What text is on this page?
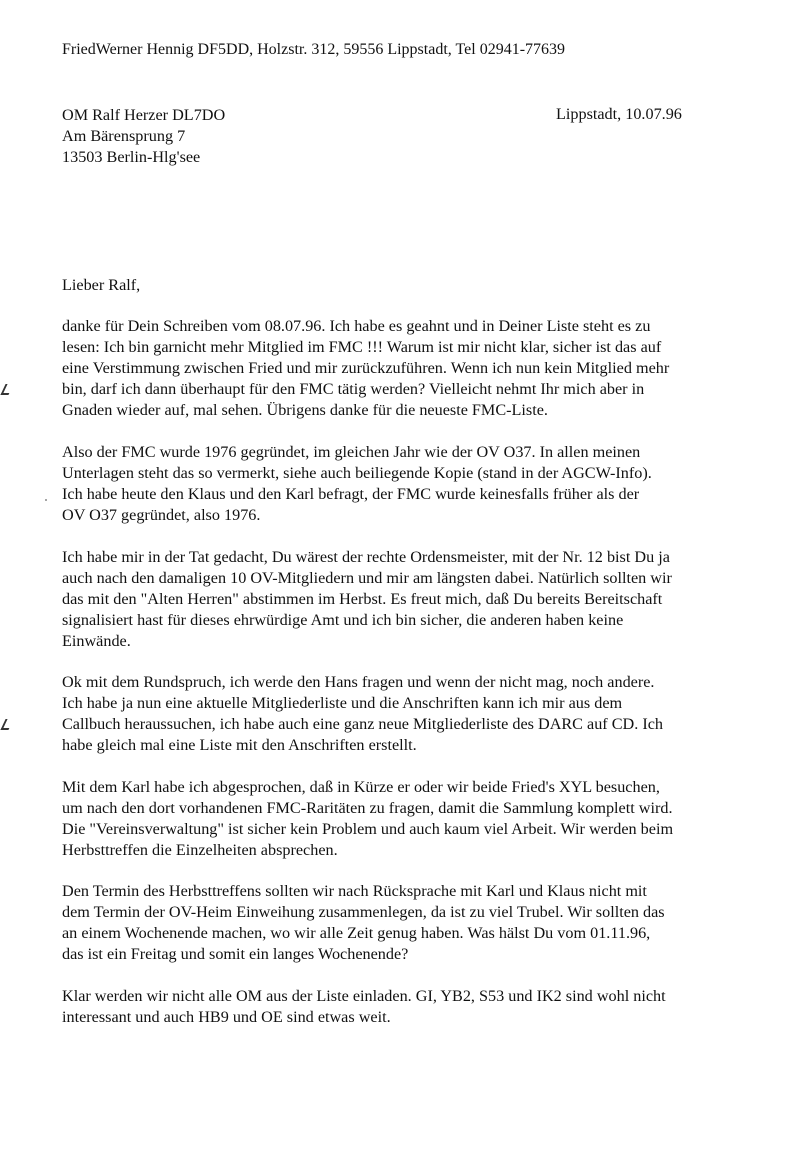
FriedWerner Hennig DF5DD, Holzstr. 312, 59556 Lippstadt, Tel 02941-77639
OM Ralf Herzer DL7DO
Am Bärensprung 7
13503 Berlin-Hlg'see
Lippstadt, 10.07.96
Lieber Ralf,
danke für Dein Schreiben vom 08.07.96. Ich habe es geahnt und in Deiner Liste steht es zu
lesen: Ich bin garnicht mehr Mitglied im FMC !!! Warum ist mir nicht klar, sicher ist das auf
eine Verstimmung zwischen Fried und mir zurückzuführen. Wenn ich nun kein Mitglied mehr
bin, darf ich dann überhaupt für den FMC tätig werden? Vielleicht nehmt Ihr mich aber in
Gnaden wieder auf, mal sehen. Übrigens danke für die neueste FMC-Liste.
Also der FMC wurde 1976 gegründet, im gleichen Jahr wie der OV O37. In allen meinen
Unterlagen steht das so vermerkt, siehe auch beiliegende Kopie (stand in der AGCW-Info).
Ich habe heute den Klaus und den Karl befragt, der FMC wurde keinesfalls früher als der
OV O37 gegründet, also 1976.
Ich habe mir in der Tat gedacht, Du wärest der rechte Ordensmeister, mit der Nr. 12 bist Du ja
auch nach den damaligen 10 OV-Mitgliedern und mir am längsten dabei. Natürlich sollten wir
das mit den "Alten Herren" abstimmen im Herbst. Es freut mich, daß Du bereits Bereitschaft
signalisiert hast für dieses ehrwürdige Amt und ich bin sicher, die anderen haben keine
Einwände.
Ok mit dem Rundspruch, ich werde den Hans fragen und wenn der nicht mag, noch andere.
Ich habe ja nun eine aktuelle Mitgliederliste und die Anschriften kann ich mir aus dem
Callbuch heraussuchen, ich habe auch eine ganz neue Mitgliederliste des DARC auf CD. Ich
habe gleich mal eine Liste mit den Anschriften erstellt.
Mit dem Karl habe ich abgesprochen, daß in Kürze er oder wir beide Fried's XYL besuchen,
um nach den dort vorhandenen FMC-Raritäten zu fragen, damit die Sammlung komplett wird.
Die "Vereinsverwaltung" ist sicher kein Problem und auch kaum viel Arbeit. Wir werden beim
Herbsttreffen die Einzelheiten absprechen.
Den Termin des Herbsttreffens sollten wir nach Rücksprache mit Karl und Klaus nicht mit
dem Termin der OV-Heim Einweihung zusammenlegen, da ist zu viel Trubel. Wir sollten das
an einem Wochenende machen, wo wir alle Zeit genug haben. Was hälst Du vom 01.11.96,
das ist ein Freitag und somit ein langes Wochenende?
Klar werden wir nicht alle OM aus der Liste einladen. GI, YB2, S53 und IK2 sind wohl nicht
interessant und auch HB9 und OE sind etwas weit.
